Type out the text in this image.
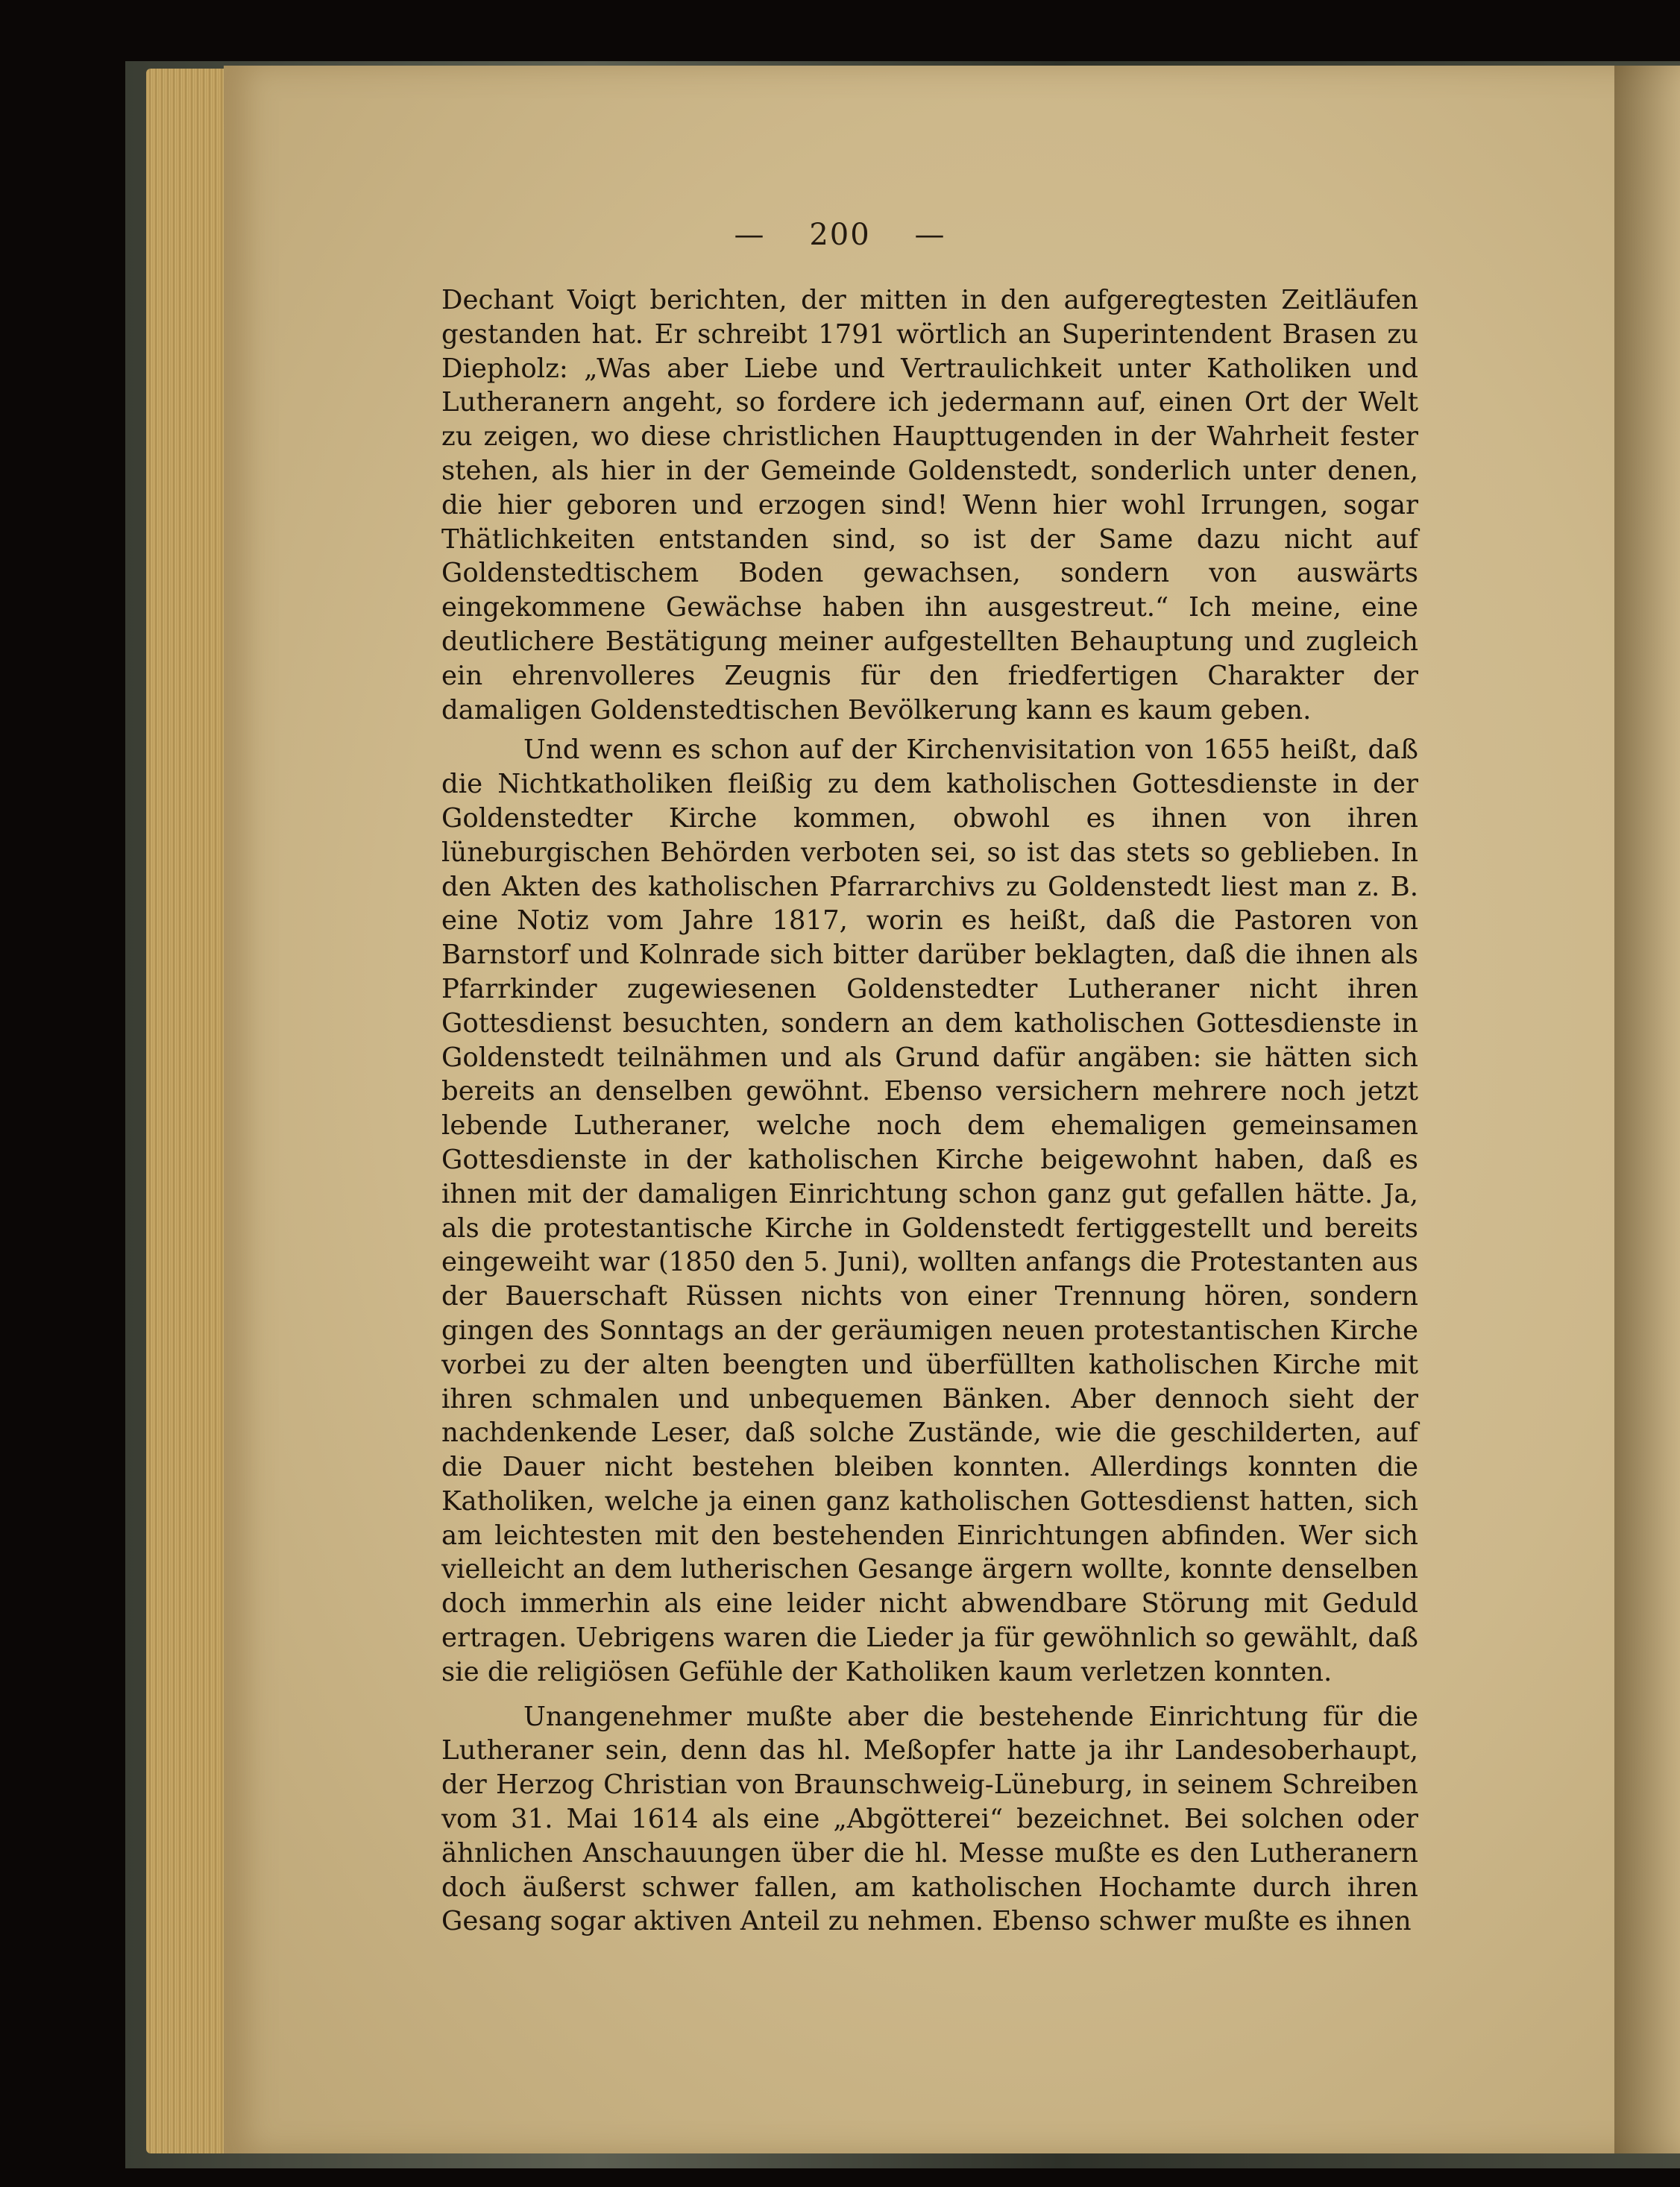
— 200 —

Dechant Voigt berichten, der mitten in den aufgeregtesten Zeitläufen gestanden hat. Er schreibt 1791 wörtlich an Superintendent Brasen zu Diepholz: „Was aber Liebe und Vertraulichkeit unter Katholiken und Lutheranern angeht, so fordere ich jedermann auf, einen Ort der Welt zu zeigen, wo diese christlichen Haupttugenden in der Wahrheit fester stehen, als hier in der Gemeinde Goldenstedt, sonderlich unter denen, die hier geboren und erzogen sind! Wenn hier wohl Irrungen, sogar Thätlichkeiten entstanden sind, so ist der Same dazu nicht auf Goldenstedtischem Boden gewachsen, sondern von auswärts eingekommene Gewächse haben ihn ausgestreut.“ Ich meine, eine deutlichere Bestätigung meiner aufgestellten Behauptung und zugleich ein ehrenvolleres Zeugnis für den friedfertigen Charakter der damaligen Goldenstedtischen Bevölkerung kann es kaum geben.

Und wenn es schon auf der Kirchenvisitation von 1655 heißt, daß die Nichtkatholiken fleißig zu dem katholischen Gottesdienste in der Goldenstedter Kirche kommen, obwohl es ihnen von ihren lüneburgischen Behörden verboten sei, so ist das stets so geblieben. In den Akten des katholischen Pfarrarchivs zu Goldenstedt liest man z. B. eine Notiz vom Jahre 1817, worin es heißt, daß die Pastoren von Barnstorf und Kolnrade sich bitter darüber beklagten, daß die ihnen als Pfarrkinder zugewiesenen Goldenstedter Lutheraner nicht ihren Gottesdienst besuchten, sondern an dem katholischen Gottesdienste in Goldenstedt teilnähmen und als Grund dafür angäben: sie hätten sich bereits an denselben gewöhnt. Ebenso versichern mehrere noch jetzt lebende Lutheraner, welche noch dem ehemaligen gemeinsamen Gottesdienste in der katholischen Kirche beigewohnt haben, daß es ihnen mit der damaligen Einrichtung schon ganz gut gefallen hätte. Ja, als die protestantische Kirche in Goldenstedt fertiggestellt und bereits eingeweiht war (1850 den 5. Juni), wollten anfangs die Protestanten aus der Bauerschaft Rüssen nichts von einer Trennung hören, sondern gingen des Sonntags an der geräumigen neuen protestantischen Kirche vorbei zu der alten beengten und überfüllten katholischen Kirche mit ihren schmalen und unbequemen Bänken. Aber dennoch sieht der nachdenkende Leser, daß solche Zustände, wie die geschilderten, auf die Dauer nicht bestehen bleiben konnten. Allerdings konnten die Katholiken, welche ja einen ganz katholischen Gottesdienst hatten, sich am leichtesten mit den bestehenden Einrichtungen abfinden. Wer sich vielleicht an dem lutherischen Gesange ärgern wollte, konnte denselben doch immerhin als eine leider nicht abwendbare Störung mit Geduld ertragen. Uebrigens waren die Lieder ja für gewöhnlich so gewählt, daß sie die religiösen Gefühle der Katholiken kaum verletzen konnten.

Unangenehmer mußte aber die bestehende Einrichtung für die Lutheraner sein, denn das hl. Meßopfer hatte ja ihr Landesoberhaupt, der Herzog Christian von Braunschweig-Lüneburg, in seinem Schreiben vom 31. Mai 1614 als eine „Abgötterei“ bezeichnet. Bei solchen oder ähnlichen Anschauungen über die hl. Messe mußte es den Lutheranern doch äußerst schwer fallen, am katholischen Hochamte durch ihren Gesang sogar aktiven Anteil zu nehmen. Ebenso schwer mußte es ihnen
